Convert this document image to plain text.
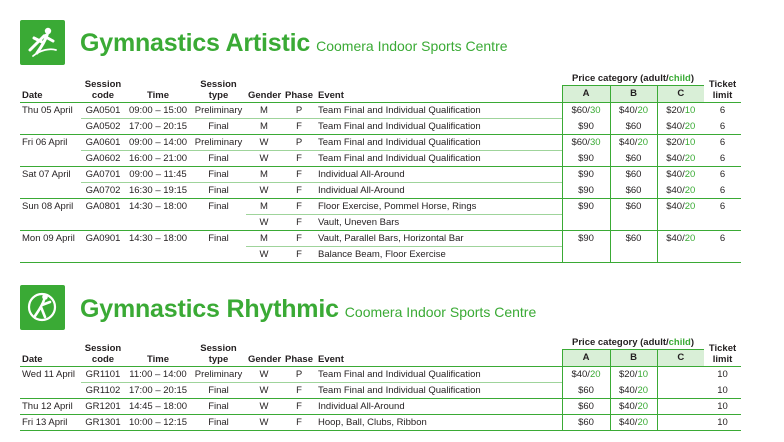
Gymnastics Artistic Coomera Indoor Sports Centre
Date	Session
code	Time	Session
type	Gender	Phase	Event	Price category (adult/child)			Ticket
limit
							A	B	C	
Thu 05 April	GA0501	09:00 – 15:00	Preliminary	M	P	Team Final and Individual Qualification	$60/30	$40/20	$20/10	6
	GA0502	17:00 – 20:15	Final	M	F	Team Final and Individual Qualification	$90	$60	$40/20	6
Fri 06 April	GA0601	09:00 – 14:00	Preliminary	W	P	Team Final and Individual Qualification	$60/30	$40/20	$20/10	6
	GA0602	16:00 – 21:00	Final	W	F	Team Final and Individual Qualification	$90	$60	$40/20	6
Sat 07 April	GA0701	09:00 – 11:45	Final	M	F	Individual All-Around	$90	$60	$40/20	6
	GA0702	16:30 – 19:15	Final	W	F	Individual All-Around	$90	$60	$40/20	6
Sun 08 April	GA0801	14:30 – 18:00	Final	M	F	Floor Exercise, Pommel Horse, Rings	$90	$60	$40/20	6
				W	F	Vault, Uneven Bars				
Mon 09 April	GA0901	14:30 – 18:00	Final	M	F	Vault, Parallel Bars, Horizontal Bar	$90	$60	$40/20	6
				W	F	Balance Beam, Floor Exercise				
Gymnastics Rhythmic Coomera Indoor Sports Centre
Date	Session
code	Time	Session
type	Gender	Phase	Event	Price category (adult/child)			Ticket
limit
							A	B	C	
Wed 11 April	GR1101	11:00 – 14:00	Preliminary	W	P	Team Final and Individual Qualification	$40/20	$20/10		10
	GR1102	17:00 – 20:15	Final	W	F	Team Final and Individual Qualification	$60	$40/20		10
Thu 12 April	GR1201	14:45 – 18:00	Final	W	F	Individual All-Around	$60	$40/20		10
Fri 13 April	GR1301	10:00 – 12:15	Final	W	F	Hoop, Ball, Clubs, Ribbon	$60	$40/20		10
